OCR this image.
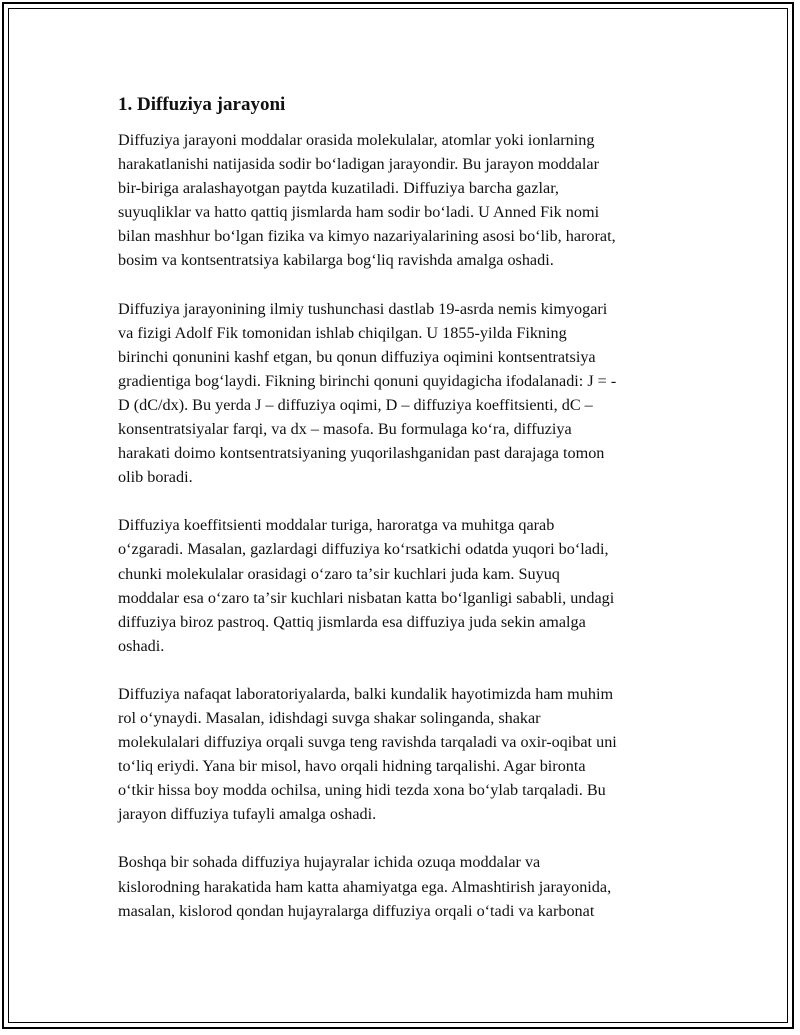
1. Diffuziya jarayoni

Diffuziya jarayoni moddalar orasida molekulalar, atomlar yoki ionlarning
harakatlanishi natijasida sodir boʻladigan jarayondir. Bu jarayon moddalar
bir-biriga aralashayotgan paytda kuzatiladi. Diffuziya barcha gazlar,
suyuqliklar va hatto qattiq jismlarda ham sodir boʻladi. U Anned Fik nomi
bilan mashhur boʻlgan fizika va kimyo nazariyalarining asosi boʻlib, harorat,
bosim va kontsentratsiya kabilarga bogʻliq ravishda amalga oshadi.

Diffuziya jarayonining ilmiy tushunchasi dastlab 19-asrda nemis kimyogari
va fizigi Adolf Fik tomonidan ishlab chiqilgan. U 1855-yilda Fikning
birinchi qonunini kashf etgan, bu qonun diffuziya oqimini kontsentratsiya
gradientiga bogʻlaydi. Fikning birinchi qonuni quyidagicha ifodalanadi: J = -
D (dC/dx). Bu yerda J – diffuziya oqimi, D – diffuziya koeffitsienti, dC –
konsentratsiyalar farqi, va dx – masofa. Bu formulaga koʻra, diffuziya
harakati doimo kontsentratsiyaning yuqorilashganidan past darajaga tomon
olib boradi.

Diffuziya koeffitsienti moddalar turiga, haroratga va muhitga qarab
oʻzgaradi. Masalan, gazlardagi diffuziya koʻrsatkichi odatda yuqori boʻladi,
chunki molekulalar orasidagi oʻzaro taʼsir kuchlari juda kam. Suyuq
moddalar esa oʻzaro taʼsir kuchlari nisbatan katta boʻlganligi sababli, undagi
diffuziya biroz pastroq. Qattiq jismlarda esa diffuziya juda sekin amalga
oshadi.

Diffuziya nafaqat laboratoriyalarda, balki kundalik hayotimizda ham muhim
rol oʻynaydi. Masalan, idishdagi suvga shakar solinganda, shakar
molekulalari diffuziya orqali suvga teng ravishda tarqaladi va oxir-oqibat uni
toʻliq eriydi. Yana bir misol, havo orqali hidning tarqalishi. Agar bironta
oʻtkir hissa boy modda ochilsa, uning hidi tezda xona boʻylab tarqaladi. Bu
jarayon diffuziya tufayli amalga oshadi.

Boshqa bir sohada diffuziya hujayralar ichida ozuqa moddalar va
kislorodning harakatida ham katta ahamiyatga ega. Almashtirish jarayonida,
masalan, kislorod qondan hujayralarga diffuziya orqali oʻtadi va karbonat
